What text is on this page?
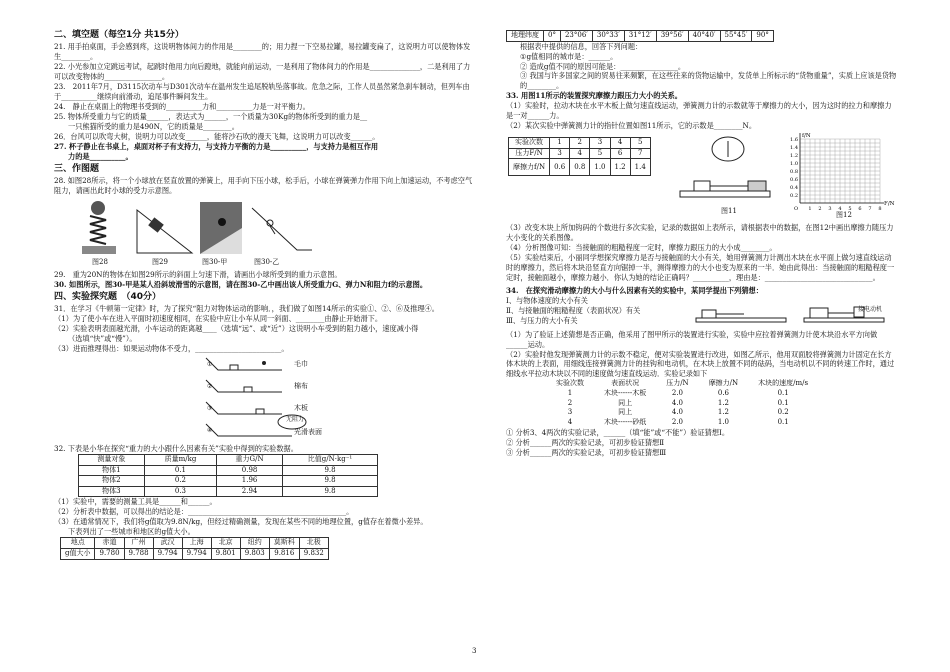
二、填空题（每空1分 共15分）

21. 用手拍桌面，手会感到疼，这说明物体间力的作用是________的；用力捏一下空易拉罐，易拉罐变扁了，这说明力可以使物体发生________。

22. 小光参加立定跳远考试，起跳时他用力向后蹬地，就能向前运动，一是利用了物体间力的作用是______________，二是利用了力可以改变物体的________________。

23.　2011年7月，D3115次动车与D301次动车在温州发生追尾脱轨坠落事故。危急之际，工作人员虽然紧急刹车制动，但列车由于__________继续向前滑动，追尾事件瞬间发生。

24.　静止在桌面上的物理书受到的__________力和__________力是一对平衡力。

25. 物体所受重力与它的质量______，表达式为______，一个质量为30Kg的物体所受到的重力是__

一只熊猫所受的重力是490N，它的质量是________。

26．台风可以吹弯大树，说明力可以改变______，能将沙石吹的漫天飞舞，这说明力可以改变______。

27. 杯子静止在书桌上，桌面对杯子有支持力，与支持力平衡的力是__________，与支持力是相互作用

力的是__________。

三、作图题

28. 如图28所示，将一个小球放在竖直放置的弹簧上，用手向下压小球，松手后，小球在弹簧弹力作用下向上加速运动，不考虑空气阻力，请画出此时小球的受力示意图。

图28	图29	图30-甲	图30-乙

29.　重为20N的物体在如图29所示的斜面上匀速下滑，请画出小球所受到的重力示意图。

30. 如图所示，图30-甲是某人沿斜坡滑雪的示意图，请在图30-乙中画出该人所受重力G、弹力N和阻力f的示意图。

四、实验探究题　（40分）

31．在学习《牛顿第一定律》时，为了探究“阻力对物体运动的影响．，我们做了如图14所示的实验①、②、⑥及推理④。

（1）为了使小车在进入平面时初速度相同，在实验中应让小车从同一斜面、________由静止开始滑下。

（2）实验表明表面越光滑，小车运动的距离越____（选填“远”、或“近”）这说明小车受到的阻力越小，速度减小得

（选填“快”或“慢”）。

（3）进而推理得出：如果运动物体不受力，________________________。

①
②
③
④
毛巾
棉布
木板
光滑表面
无阻力

32. 下表是小华在探究“重力的大小跟什么因素有关”实验中得到的实验数据。

测量对象	质量m/kg	重力G/N	比值g/N·kg⁻¹
物体1	0.1	0.98	9.8
物体2	0.2	1.96	9.8
物体3	0.3	2.94	9.8

（1）实验中，需要的测量工具是______和______。

（2）分析表中数据，可以得出的结论是：____________________________________________。

（3）在通常情况下，我们将g值取为9.8N/kg，但经过精确测量，发现在某些不同的地理位置，g值存在着微小差异。

下表列出了一些城市和地区的g值大小。

地点	赤道	广州	武汉	上海	北京	纽约	莫斯科	北极
g值大小	9.780	9.788	9.794	9.794	9.801	9.803	9.816	9.832
地理纬度	0°	23°06′	30°33′	31°12′	39°56′	40°40′	55°45′	90°

根据表中提供的信息，回答下列问题：

①g值相同的城市是：______。

② 造成g值不同的原因可能是：________________。

③ 我国与许多国家之间的贸易往来频繁，在这些往来的货物运输中，发货单上所标示的“货物重量”，实质上应该是货物的________。

33. 用图11所示的装置探究摩擦力跟压力大小的关系。

（1）实验时，拉动木块在水平木板上做匀速直线运动，弹簧测力计的示数就等于摩擦力的大小，因为这时的拉力和摩擦力是一对______力。

（2）某次实验中弹簧测力计的指针位置如图11所示，它的示数是________N。

实验次数	1	2	3	4	5
压力F/N	3	4	5	6	7
摩擦力f/N	0.6	0.8	1.0	1.2	1.4
图11	1 2 3 4 5 6 7 8
0.2
0.4
0.6
0.8
1.0
1.2
1.4
1.6
F/N
f/N
O
图12

（3）改变木块上所加钩码的个数进行多次实验，记录的数据如上表所示，请根据表中的数据，在图12中画出摩擦力随压力大小变化的关系图像。

（4）分析图像可知：当接触面的粗糙程度一定时，摩擦力跟压力的大小成________。

（5）实验结束后，小丽同学想探究摩擦力是否与接触面的大小有关，她用弹簧测力计测出木块在水平面上做匀速直线运动时的摩擦力，然后将木块沿竖直方向锯掉一半，测得摩擦力的大小也变为原来的一半．她由此得出：当接触面的粗糙程度一定时，接触面越小，摩擦力越小．你认为她的结论正确吗？__________，理由是：______________________________。

34.　在探究滑动摩擦力的大小与什么因素有关的实验中，某同学提出下列猜想：

Ⅰ、与物体速度的大小有关

Ⅱ、与接触面的粗糙程度（表面状况）有关

Ⅲ、与压力的大小有关

接电动机

（1）为了验证上述猜想是否正确，他采用了图甲所示的装置进行实验，实验中应拉着弹簧测力计使木块沿水平方向做______运动。

（2）实验时他发现弹簧测力计的示数不稳定，便对实验装置进行改进，如图乙所示，他用双面胶将弹簧测力计固定在长方体木块的上表面，用细线连接弹簧测力计的挂钩和电动机，在木块上放置不同的砝码，当电动机以不同的转速工作时，通过细线水平拉动木块以不同的速度做匀速直线运动．实验记录如下

实验次数	表面状况	压力/N	摩擦力/N	木块的速度/m/s
1	木块------木板	2.0	0.6	0.1
2	同上	4.0	1.2	0.1
3	同上	4.0	1.2	0.2
4	木块------砂纸	2.0	1.0	0.1

① 分析3、4两次的实验记录，______（填“能”或“不能”）验证猜想Ⅰ。

② 分析______两次的实验记录，可初步验证猜想Ⅱ

③ 分析______两次的实验记录，可初步验证猜想Ⅲ

3
